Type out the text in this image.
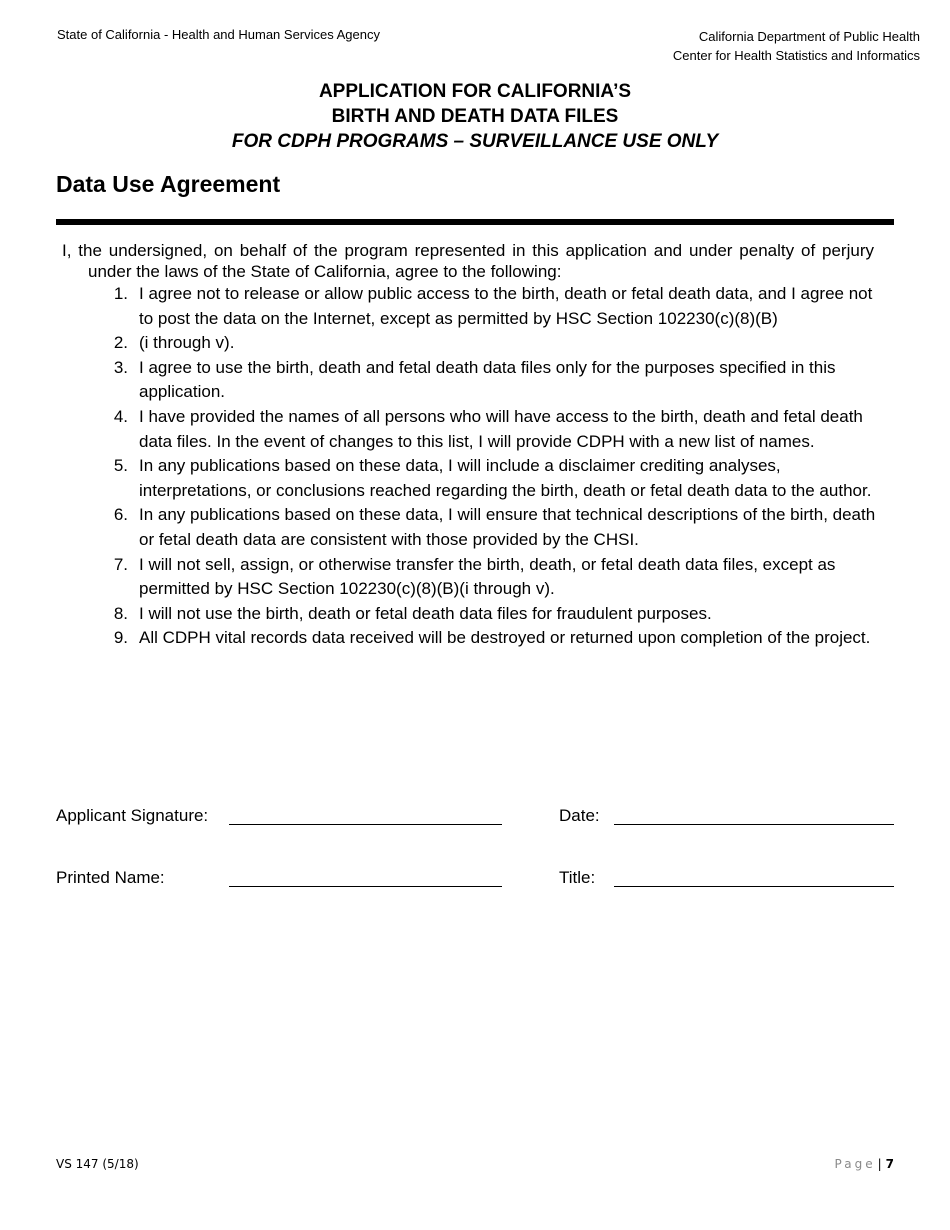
State of California - Health and Human Services Agency	California Department of Public Health
Center for Health Statistics and Informatics
APPLICATION FOR CALIFORNIA’S
BIRTH AND DEATH DATA FILES
FOR CDPH PROGRAMS – SURVEILLANCE USE ONLY
Data Use Agreement
I, the undersigned, on behalf of the program represented in this application and under penalty of perjury under the laws of the State of California, agree to the following:
1. I agree not to release or allow public access to the birth, death or fetal death data, and I agree not to post the data on the Internet, except as permitted by HSC Section 102230(c)(8)(B)
2. (i through v).
3. I agree to use the birth, death and fetal death data files only for the purposes specified in this application.
4. I have provided the names of all persons who will have access to the birth, death and fetal death data files. In the event of changes to this list, I will provide CDPH with a new list of names.
5. In any publications based on these data, I will include a disclaimer crediting analyses, interpretations, or conclusions reached regarding the birth, death or fetal death data to the author.
6. In any publications based on these data, I will ensure that technical descriptions of the birth, death or fetal death data are consistent with those provided by the CHSI.
7. I will not sell, assign, or otherwise transfer the birth, death, or fetal death data files, except as permitted by HSC Section 102230(c)(8)(B)(i through v).
8. I will not use the birth, death or fetal death data files for fraudulent purposes.
9. All CDPH vital records data received will be destroyed or returned upon completion of the project.
Applicant Signature:	Date:
Printed Name:	Title:
VS 147 (5/18)	Page | 7
